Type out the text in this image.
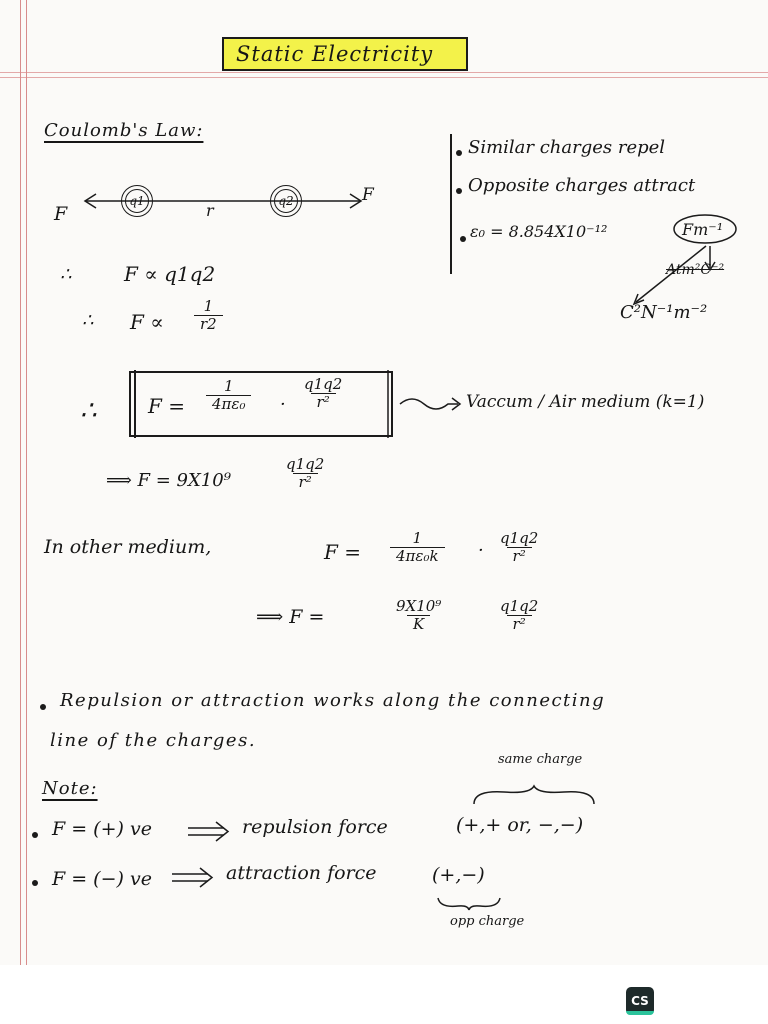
Static Electricity
Coulomb's Law:
F
q1	q2
r
F
Similar charges repel
Opposite charges attract
ε₀ = 8.854X10⁻¹²	Fm⁻¹
Atm²C⁻²
C²N⁻¹m⁻²
∴	F ∝ q1q2
∴ $F \propto \frac{1}{r2}$
∴	$F = \frac{1}{\text{4πε₀}} \cdot \frac{q1q2}{\text{r²}}$	Vaccum / Air medium (k=1)
⟹ F = 9X10⁹	$\frac{q1q2}{\text{r²}}$
In other medium,	$F = \frac{1}{\text{4πε₀k}} \cdot \frac{q1q2}{\text{r²}}$
⟹ F =	$\frac{\text{9X10⁹}}{K}$	$\frac{q1q2}{\text{r²}}$
Repulsion or attraction works along the connecting
line of the charges.
Note:
same charge
F = (+) ve	repulsion force	(+,+ or, −,−)
F = (−) ve	attraction force	(+,−)
opp charge
CS
